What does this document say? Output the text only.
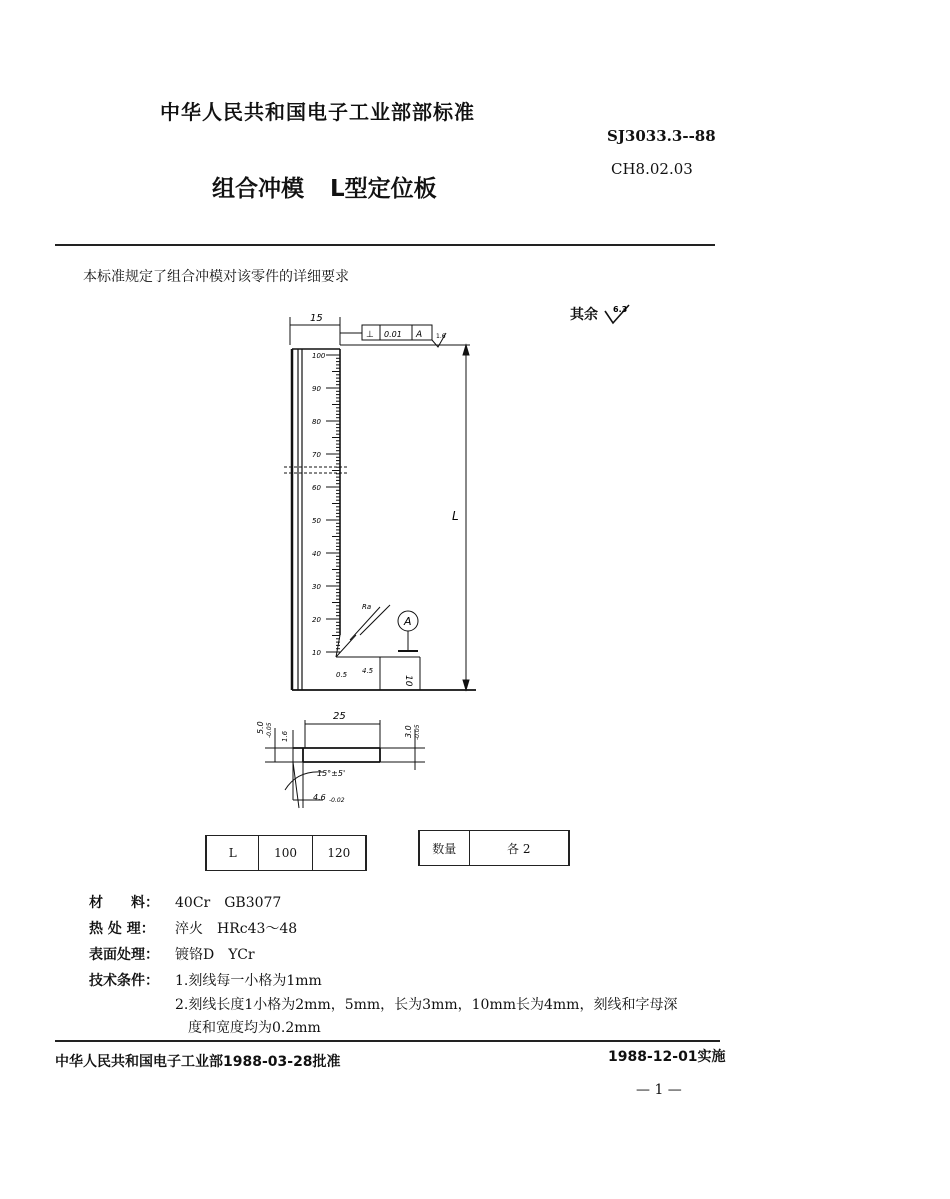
中华人民共和国电子工业部部标准
SJ3033.3--88
CH8.02.03
组合冲模 L型定位板
本标准规定了组合冲模对该零件的详细要求
其余 6.3
15
⊥ 0.01 A 1.6
100
90
80
70
60
50
40
30
20
10
L
A
10
0.5 4.5
Ra
25
5.0 -0.05 1.6	3.0 -0.05
15°±5'
4.6 -0.02
L	100	120	数量	各 2
材　　料： 40Cr　GB3077
热 处 理： 淬火　HRc43～48
表面处理： 镀铬D　YCr
技术条件： 1.刻线每一小格为1mm
2.刻线长度1小格为2mm，5mm，长为3mm，10mm长为4mm，刻线和字母深
度和宽度均为0.2mm
中华人民共和国电子工业部1988-03-28批准	1988-12-01实施
— 1 —
